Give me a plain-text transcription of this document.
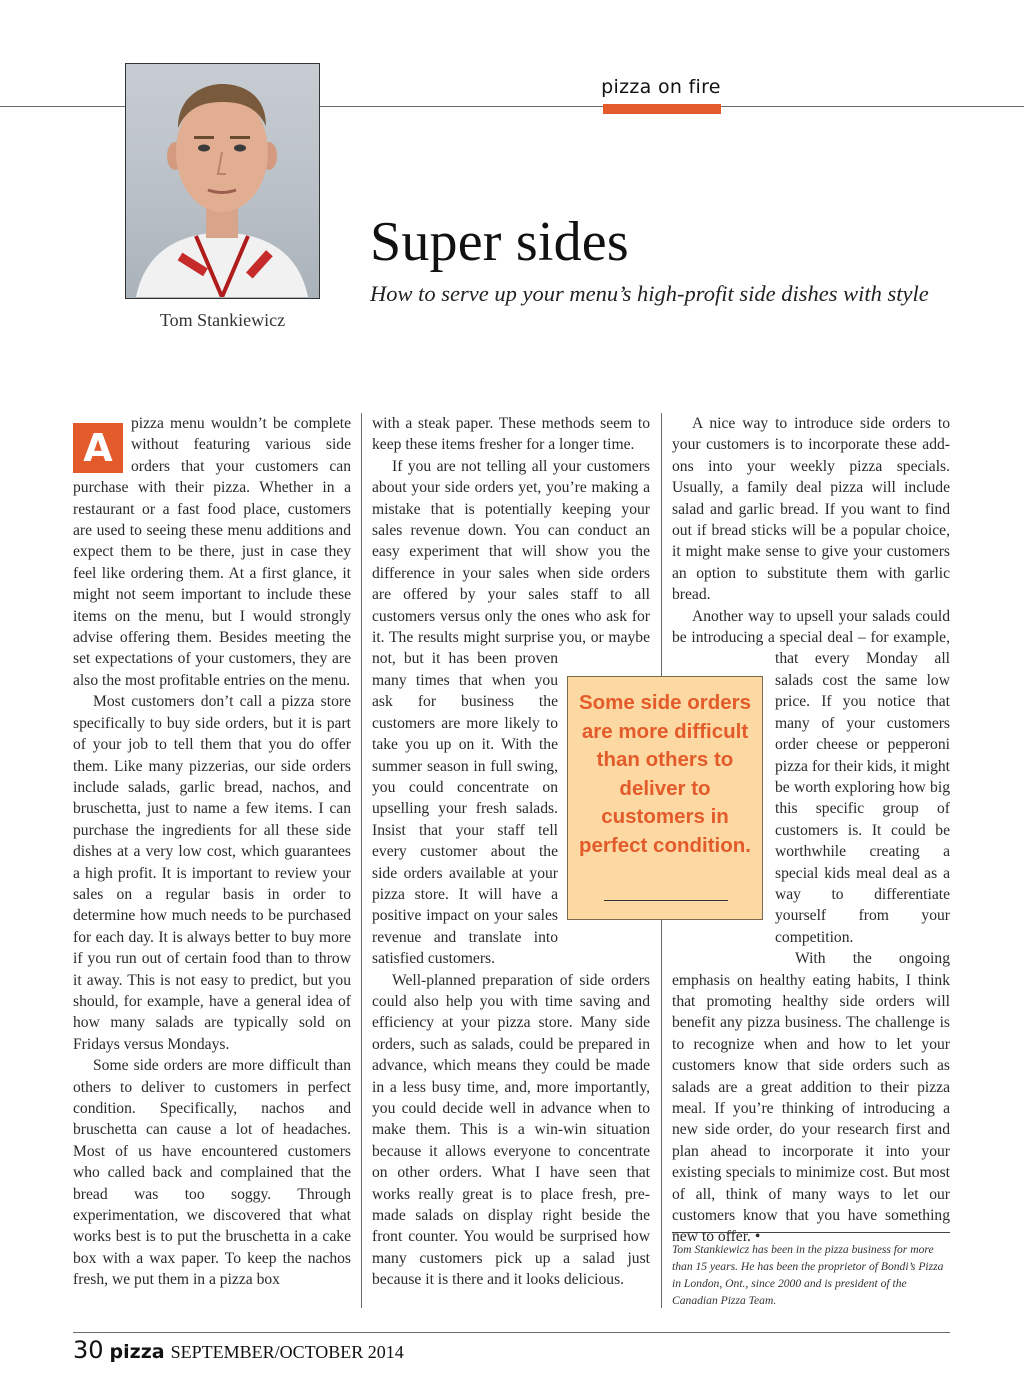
pizza on fire
Tom Stankiewicz
Super sides
How to serve up your menu’s high-profit side dishes with style

A
pizza menu wouldn’t be complete without featuring various side orders that your customers can purchase with their pizza. Whether in a restaurant or a fast food place, customers are used to seeing these menu additions and expect them to be there, just in case they feel like ordering them. At a first glance, it might not seem important to include these items on the menu, but I would strongly advise offering them. Besides meeting the set expectations of your customers, they are also the most profitable entries on the menu.

Most customers don’t call a pizza store specifically to buy side orders, but it is part of your job to tell them that you do offer them. Like many pizzerias, our side orders include salads, garlic bread, nachos, and bruschetta, just to name a few items. I can purchase the ingredients for all these side dishes at a very low cost, which guarantees a high profit. It is important to review your sales on a regular basis in order to determine how much needs to be purchased for each day. It is always better to buy more if you run out of certain food than to throw it away. This is not easy to predict, but you should, for example, have a general idea of how many salads are typically sold on Fridays versus Mondays.

Some side orders are more difficult than others to deliver to customers in perfect condition. Specifically, nachos and bruschetta can cause a lot of headaches. Most of us have encountered customers who called back and complained that the bread was too soggy. Through experimentation, we discovered that what works best is to put the bruschetta in a cake box with a wax paper. To keep the nachos fresh, we put them in a pizza box

with a steak paper. These methods seem to keep these items fresher for a longer time.

If you are not telling all your customers about your side orders yet, you’re making a mistake that is potentially keeping your sales revenue down. You can conduct an easy experiment that will show you the difference in your sales when side orders are offered by your sales staff to all customers versus only the ones who ask for it. The results might surprise you, or maybe not, but it has been proven many times that when you ask for business the customers are more likely to take you up on it. With the summer season in full swing, you could concentrate on upselling your fresh salads. Insist that your staff tell every customer about the side orders available at your pizza store. It will have a positive impact on your sales revenue and translate into satisfied customers.

Well-planned preparation of side orders could also help you with time saving and efficiency at your pizza store. Many side orders, such as salads, could be prepared in advance, which means they could be made in a less busy time, and, more importantly, you could decide well in advance when to make them. This is a win-win situation because it allows everyone to concentrate on other orders. What I have seen that works really great is to place fresh, pre-made salads on display right beside the front counter. You would be surprised how many customers pick up a salad just because it is there and it looks delicious.

A nice way to introduce side orders to your customers is to incorporate these add-ons into your weekly pizza specials. Usually, a family deal pizza will include salad and garlic bread. If you want to find out if bread sticks will be a popular choice, it might make sense to give your customers an option to substitute them with garlic bread.

Another way to upsell your salads could be introducing a special deal – for example, that every Monday all salads cost the same low price. If you notice that many of your customers order cheese or pepperoni pizza for their kids, it might be worth exploring how big this specific group of customers is. It could be worthwhile creating a special kids meal deal as a way to differentiate yourself from your competition.

With the ongoing emphasis on healthy eating habits, I think that promoting healthy side orders will benefit any pizza business. The challenge is to recognize when and how to let your customers know that side orders such as salads are a great addition to their pizza meal. If you’re thinking of introducing a new side order, do your research first and plan ahead to incorporate it into your existing specials to minimize cost. But most of all, think of many ways to let our customers know that you have something new to offer. •

Some side orders are more difficult than others to deliver to customers in perfect condition.
Tom Stankiewicz has been in the pizza business for more than 15 years. He has been the proprietor of Bondi’s Pizza in London, Ont., since 2000 and is president of the Canadian Pizza Team.
30 pizza SEPTEMBER/OCTOBER 2014
